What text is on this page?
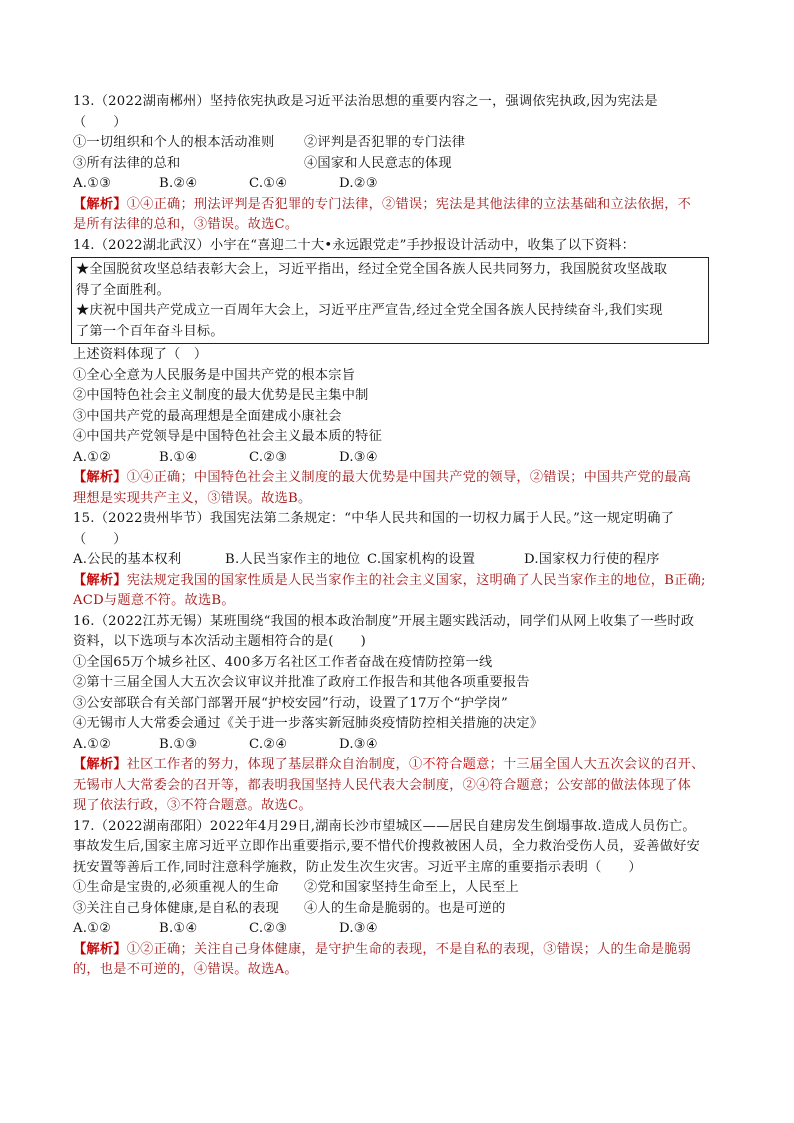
13.（2022湖南郴州）坚持依宪执政是习近平法治思想的重要内容之一，强调依宪执政,因为宪法是
（　　）
①一切组织和个人的根本活动准则	②评判是否犯罪的专门法律
③所有法律的总和	④国家和人民意志的体现
A.①③	B.②④	C.①④	D.②③
【解析】①④正确；刑法评判是否犯罪的专门法律，②错误；宪法是其他法律的立法基础和立法依据，不
是所有法律的总和，③错误。故选C。
14.（2022湖北武汉）小宇在“喜迎二十大•永远跟党走”手抄报设计活动中，收集了以下资料：
★全国脱贫攻坚总结表彰大会上，习近平指出，经过全党全国各族人民共同努力，我国脱贫攻坚战取
得了全面胜利。
★庆祝中国共产党成立一百周年大会上，习近平庄严宣告,经过全党全国各族人民持续奋斗,我们实现
了第一个百年奋斗目标。
上述资料体现了（　）
①全心全意为人民服务是中国共产党的根本宗旨
②中国特色社会主义制度的最大优势是民主集中制
③中国共产党的最高理想是全面建成小康社会
④中国共产党领导是中国特色社会主义最本质的特征
A.①②	B.①④	C.②③	D.③④
【解析】①④正确；中国特色社会主义制度的最大优势是中国共产党的领导，②错误；中国共产党的最高
理想是实现共产主义，③错误。故选B。
15.（2022贵州毕节）我国宪法第二条规定：“中华人民共和国的一切权力属于人民。”这一规定明确了
（　　）
A.公民的基本权利	B.人民当家作主的地位 C.国家机构的设置	D.国家权力行使的程序
【解析】宪法规定我国的国家性质是人民当家作主的社会主义国家，这明确了人民当家作主的地位，B正确;
ACD与题意不符。故选B。
16.（2022江苏无锡）某班围绕“我国的根本政治制度”开展主题实践活动，同学们从网上收集了一些时政
资料，以下选项与本次活动主题相符合的是(　　)
①全国65万个城乡社区、400多万名社区工作者奋战在疫情防控第一线
②第十三届全国人大五次会议审议并批准了政府工作报告和其他各项重要报告
③公安部联合有关部门部署开展“护校安园”行动，设置了17万个“护学岗”
④无锡市人大常委会通过《关于进一步落实新冠肺炎疫情防控相关措施的决定》
A.①②	B.①③	C.②④	D.③④
【解析】社区工作者的努力，体现了基层群众自治制度，①不符合题意；十三届全国人大五次会议的召开、
无锡市人大常委会的召开等，都表明我国坚持人民代表大会制度，②④符合题意；公安部的做法体现了体
现了依法行政，③不符合题意。故选C。
17.（2022湖南邵阳）2022年4月29日,湖南长沙市望城区——居民自建房发生倒塌事故.造成人员伤亡。
事故发生后,国家主席习近平立即作出重要指示,要不惜代价搜救被困人员，全力救治受伤人员，妥善做好安
抚安置等善后工作,同时注意科学施救，防止发生次生灾害。习近平主席的重要指示表明（　　）
①生命是宝贵的,必须重视人的生命	②党和国家坚持生命至上，人民至上
③关注自己身体健康,是自私的表现	④人的生命是脆弱的。也是可逆的
A.①②	B.①④	C.②③	D.③④
【解析】①②正确；关注自己身体健康，是守护生命的表现，不是自私的表现，③错误；人的生命是脆弱
的，也是不可逆的，④错误。故选A。
